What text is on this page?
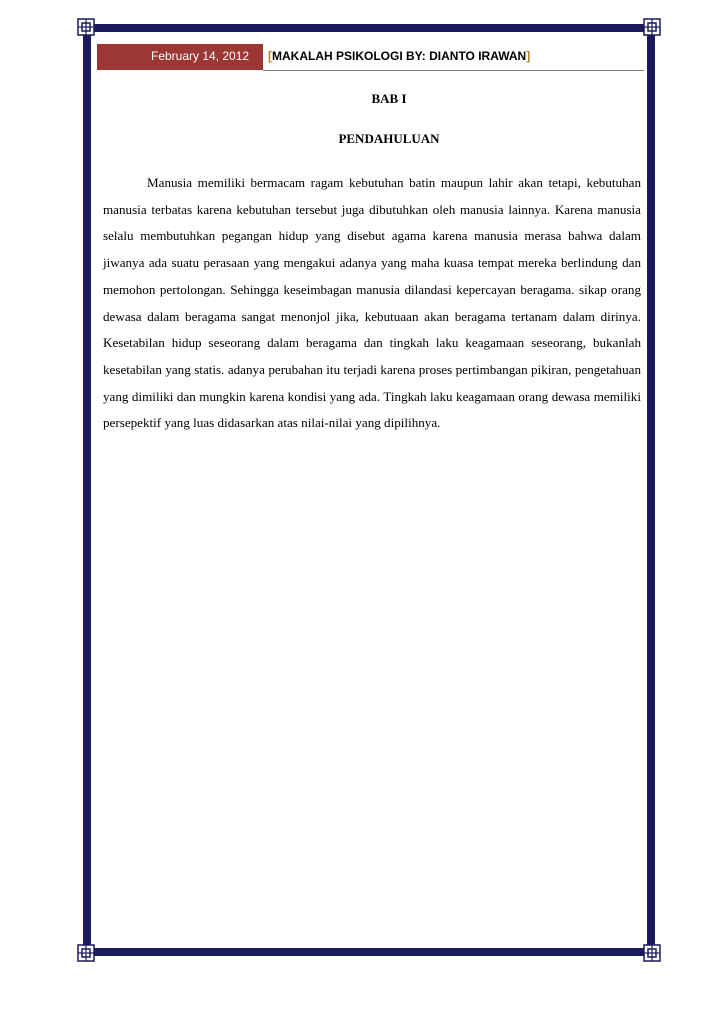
February 14, 2012 [MAKALAH PSIKOLOGI BY: DIANTO IRAWAN]
BAB I
PENDAHULUAN

Manusia memiliki bermacam ragam kebutuhan batin maupun lahir akan tetapi, kebutuhan manusia terbatas karena kebutuhan tersebut juga dibutuhkan oleh manusia lainnya. Karena manusia selalu membutuhkan pegangan hidup yang disebut agama karena manusia merasa bahwa dalam jiwanya ada suatu perasaan yang mengakui adanya yang maha kuasa tempat mereka berlindung dan memohon pertolongan. Sehingga keseimbagan manusia dilandasi kepercayan beragama. sikap orang dewasa dalam beragama sangat menonjol jika, kebutuaan akan beragama tertanam dalam dirinya. Kesetabilan hidup seseorang dalam beragama dan tingkah laku keagamaan seseorang, bukanlah kesetabilan yang statis. adanya perubahan itu terjadi karena proses pertimbangan pikiran, pengetahuan yang dimiliki dan mungkin karena kondisi yang ada. Tingkah laku keagamaan orang dewasa memiliki persepektif yang luas didasarkan atas nilai-nilai yang dipilihnya.
